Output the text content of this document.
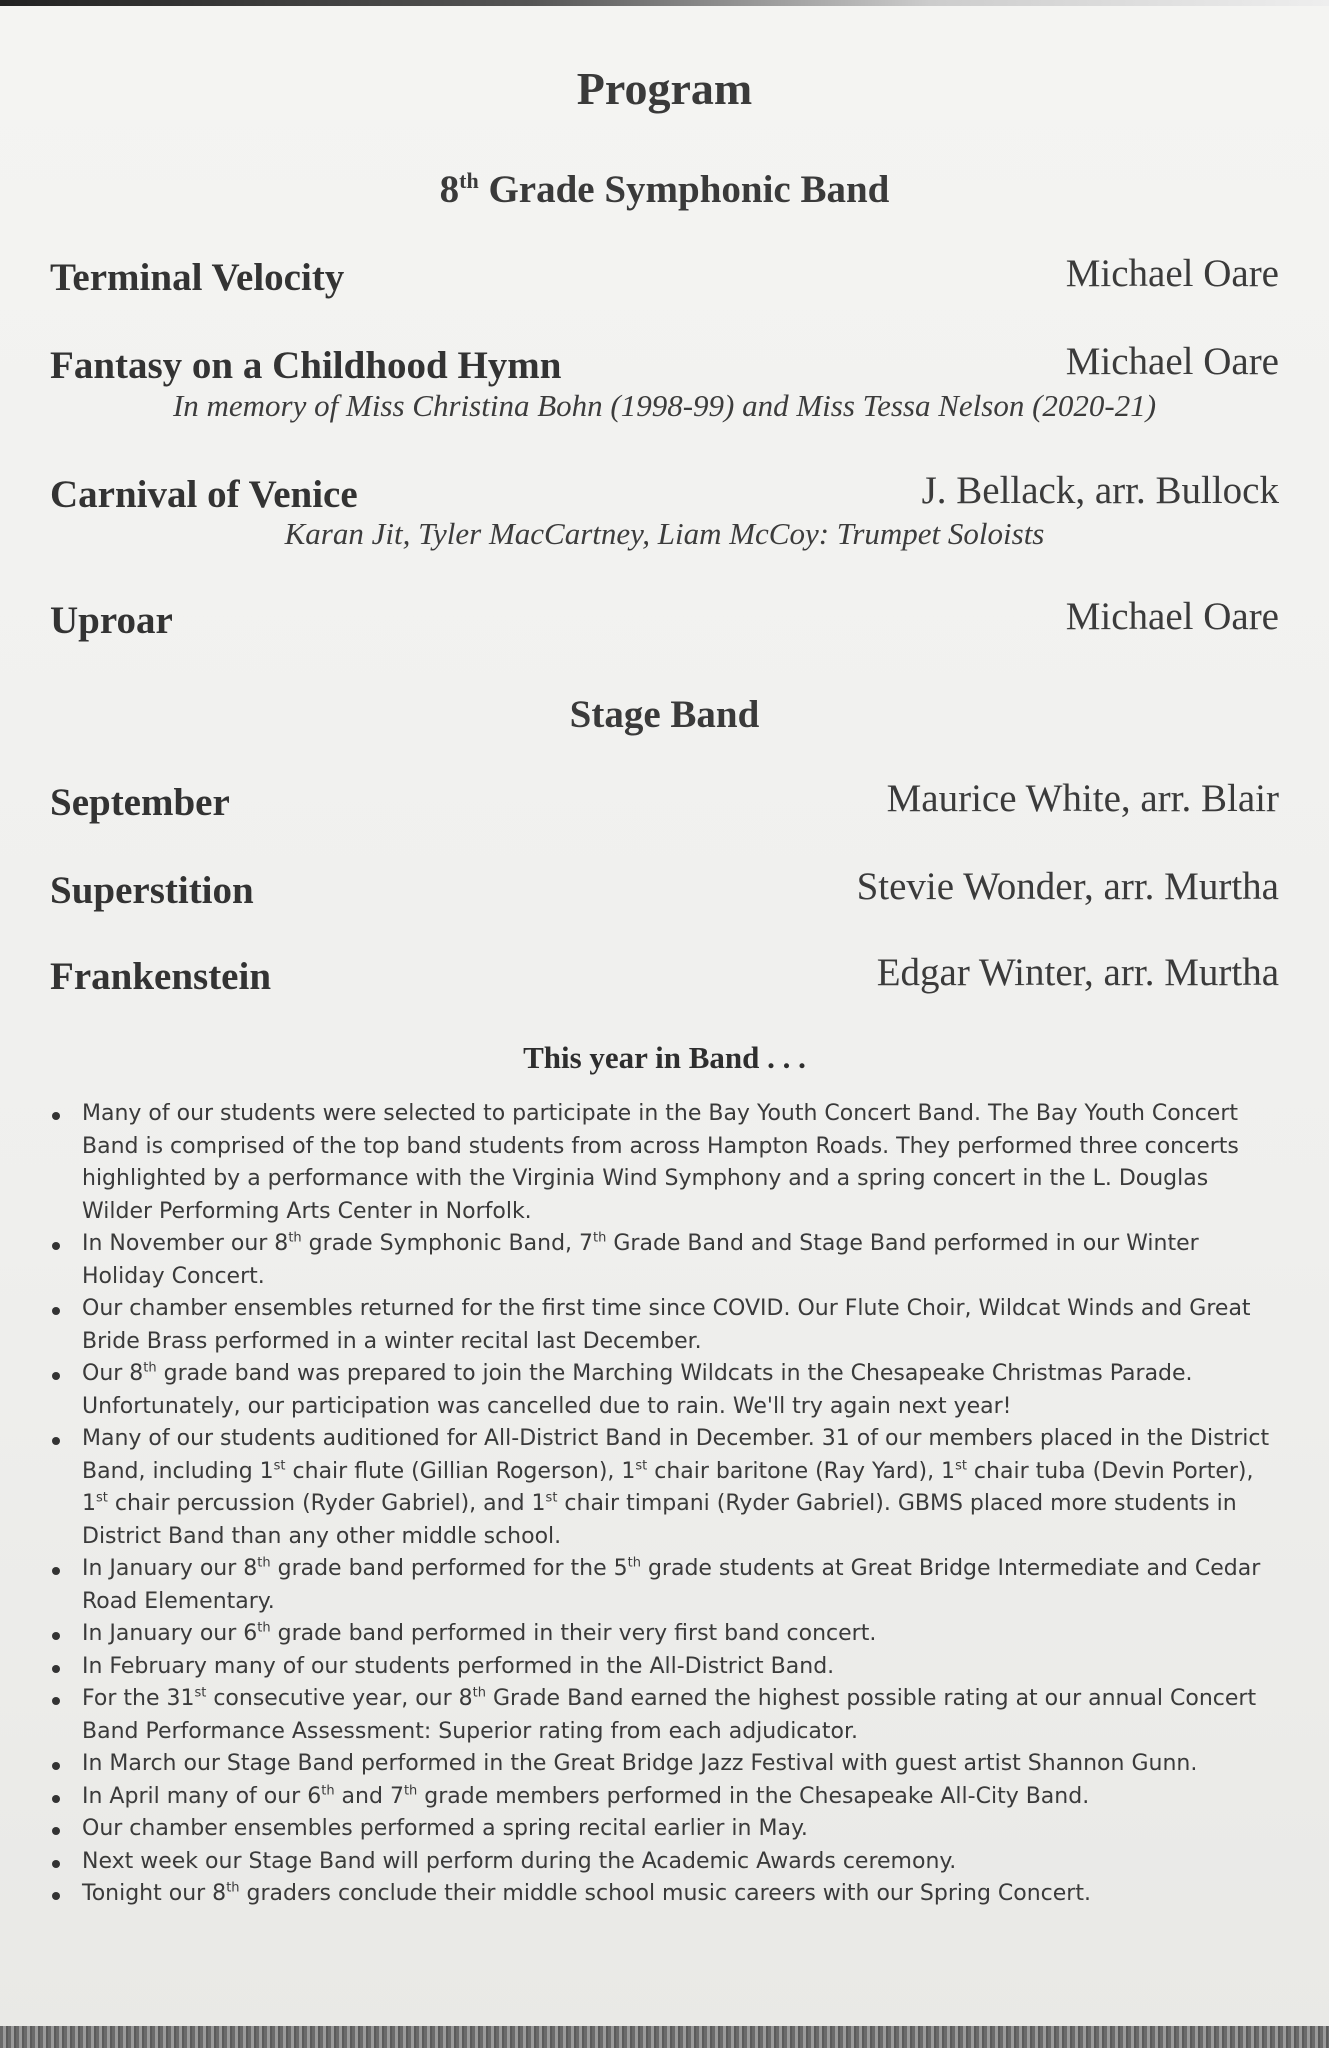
Program
8th Grade Symphonic Band
Terminal Velocity	Michael Oare
Fantasy on a Childhood Hymn	Michael Oare
In memory of Miss Christina Bohn (1998-99) and Miss Tessa Nelson (2020-21)
Carnival of Venice	J. Bellack, arr. Bullock
Karan Jit, Tyler MacCartney, Liam McCoy: Trumpet Soloists
Uproar	Michael Oare
Stage Band
September	Maurice White, arr. Blair
Superstition	Stevie Wonder, arr. Murtha
Frankenstein	Edgar Winter, arr. Murtha
This year in Band . . .
Many of our students were selected to participate in the Bay Youth Concert Band. The Bay Youth Concert Band is comprised of the top band students from across Hampton Roads. They performed three concerts highlighted by a performance with the Virginia Wind Symphony and a spring concert in the L. Douglas Wilder Performing Arts Center in Norfolk.
In November our 8th grade Symphonic Band, 7th Grade Band and Stage Band performed in our Winter Holiday Concert.
Our chamber ensembles returned for the first time since COVID. Our Flute Choir, Wildcat Winds and Great Bride Brass performed in a winter recital last December.
Our 8th grade band was prepared to join the Marching Wildcats in the Chesapeake Christmas Parade. Unfortunately, our participation was cancelled due to rain. We'll try again next year!
Many of our students auditioned for All-District Band in December. 31 of our members placed in the District Band, including 1st chair flute (Gillian Rogerson), 1st chair baritone (Ray Yard), 1st chair tuba (Devin Porter), 1st chair percussion (Ryder Gabriel), and 1st chair timpani (Ryder Gabriel). GBMS placed more students in District Band than any other middle school.
In January our 8th grade band performed for the 5th grade students at Great Bridge Intermediate and Cedar Road Elementary.
In January our 6th grade band performed in their very first band concert.
In February many of our students performed in the All-District Band.
For the 31st consecutive year, our 8th Grade Band earned the highest possible rating at our annual Concert Band Performance Assessment: Superior rating from each adjudicator.
In March our Stage Band performed in the Great Bridge Jazz Festival with guest artist Shannon Gunn.
In April many of our 6th and 7th grade members performed in the Chesapeake All-City Band.
Our chamber ensembles performed a spring recital earlier in May.
Next week our Stage Band will perform during the Academic Awards ceremony.
Tonight our 8th graders conclude their middle school music careers with our Spring Concert.
